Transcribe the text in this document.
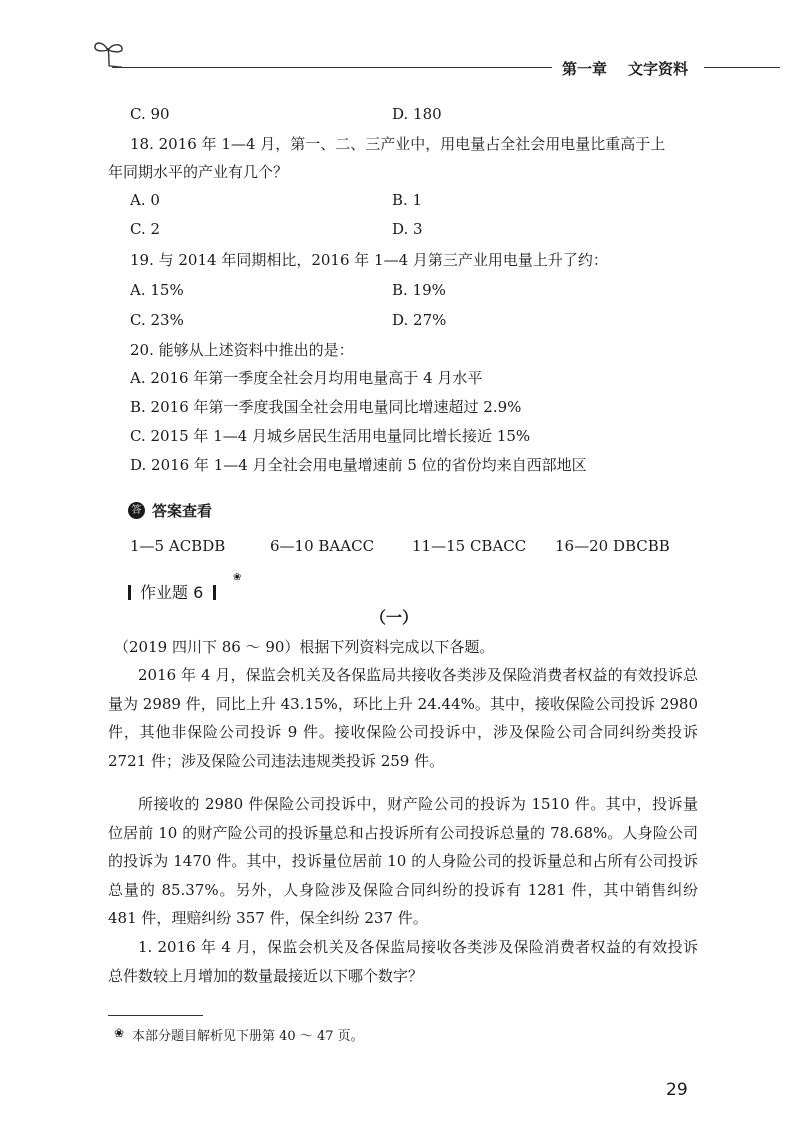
第一章 文字资料
C. 90	D. 180
18. 2016 年 1—4 月，第一、二、三产业中，用电量占全社会用电量比重高于上
年同期水平的产业有几个？
A. 0	B. 1
C. 2	D. 3
19. 与 2014 年同期相比，2016 年 1—4 月第三产业用电量上升了约：
A. 15%	B. 19%
C. 23%	D. 27%
20. 能够从上述资料中推出的是：
A. 2016 年第一季度全社会月均用电量高于 4 月水平
B. 2016 年第一季度我国全社会用电量同比增速超过 2.9%
C. 2015 年 1—4 月城乡居民生活用电量同比增长接近 15%
D. 2016 年 1—4 月全社会用电量增速前 5 位的省份均来自西部地区
答 答案查看
1—5 ACBDB	6—10 BAACC	11—15 CBACC 16—20 DBCBB
作业题 6
❀
（一）
（2019 四川下 86 ～ 90）根据下列资料完成以下各题。

2016 年 4 月，保监会机关及各保监局共接收各类涉及保险消费者权益的有效投诉总量为 2989 件，同比上升 43.15%，环比上升 24.44%。其中，接收保险公司投诉 2980 件，其他非保险公司投诉 9 件。接收保险公司投诉中，涉及保险公司合同纠纷类投诉 2721 件；涉及保险公司违法违规类投诉 259 件。

所接收的 2980 件保险公司投诉中，财产险公司的投诉为 1510 件。其中，投诉量位居前 10 的财产险公司的投诉量总和占投诉所有公司投诉总量的 78.68%。人身险公司的投诉为 1470 件。其中，投诉量位居前 10 的人身险公司的投诉量总和占所有公司投诉总量的 85.37%。另外，人身险涉及保险合同纠纷的投诉有 1281 件，其中销售纠纷 481 件，理赔纠纷 357 件，保全纠纷 237 件。

1. 2016 年 4 月，保监会机关及各保监局接收各类涉及保险消费者权益的有效投诉总件数较上月增加的数量最接近以下哪个数字？

❀ 本部分题目解析见下册第 40 ～ 47 页。
29
